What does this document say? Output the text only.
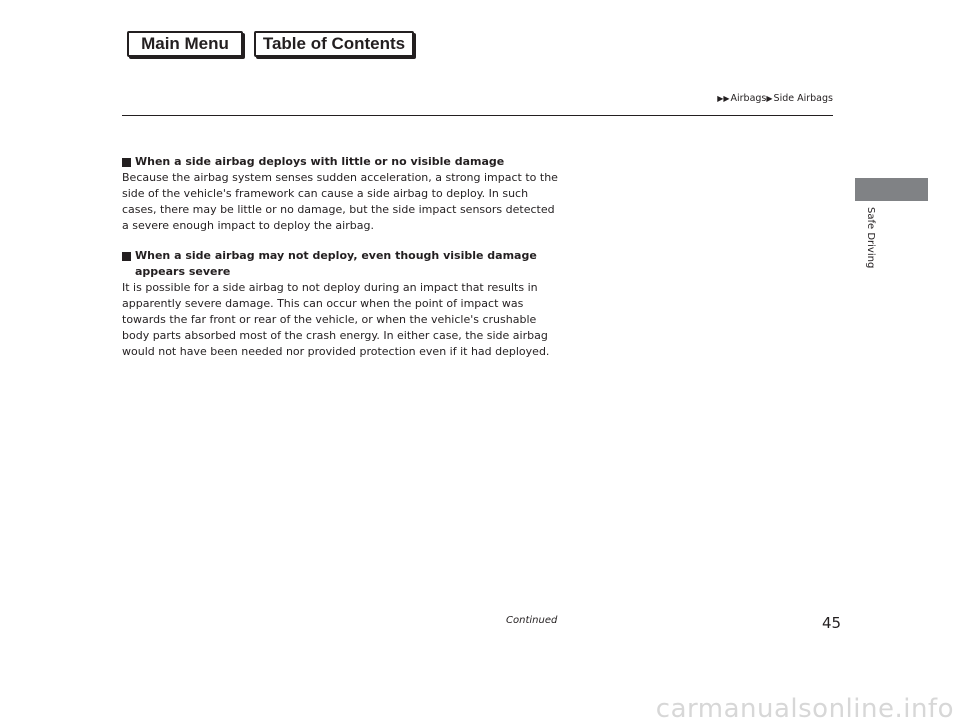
Main Menu	Table of Contents
▶▶ Airbags ▶ Side Airbags
Safe Driving

When a side airbag deploys with little or no visible damage

Because the airbag system senses sudden acceleration, a strong impact to the side of the vehicle's framework can cause a side airbag to deploy. In such cases, there may be little or no damage, but the side impact sensors detected a severe enough impact to deploy the airbag.

When a side airbag may not deploy, even though visible damage appears severe

It is possible for a side airbag to not deploy during an impact that results in apparently severe damage. This can occur when the point of impact was towards the far front or rear of the vehicle, or when the vehicle's crushable body parts absorbed most of the crash energy. In either case, the side airbag would not have been needed nor provided protection even if it had deployed.

Continued	45
carmanualsonline.info
